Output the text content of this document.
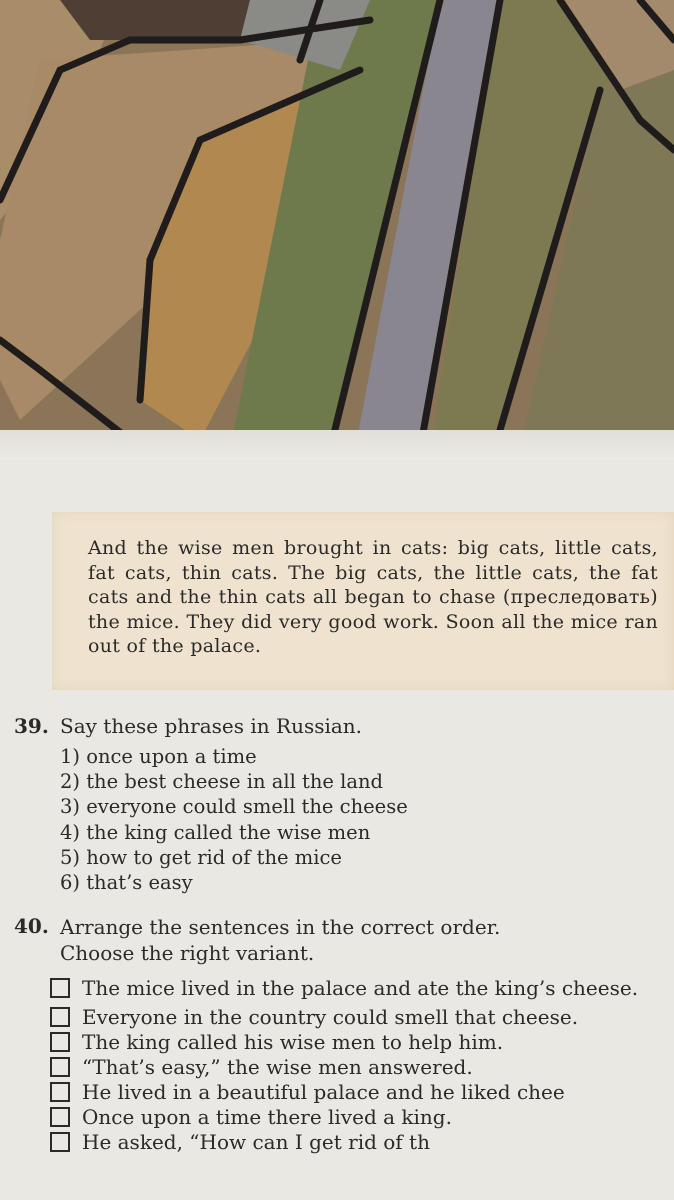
And the wise men brought in cats: big cats, little cats, fat cats, thin cats. The big cats, the little cats, the fat cats and the thin cats all began to chase (преследовать) the mice. They did very good work. Soon all the mice ran out of the palace.
39. Say these phrases in Russian.
1) once upon a time
2) the best cheese in all the land
3) everyone could smell the cheese
4) the king called the wise men
5) how to get rid of the mice
6) that’s easy
40. Arrange the sentences in the correct order.
Choose the right variant.
The mice lived in the palace and ate the king’s cheese.
Everyone in the country could smell that cheese.
The king called his wise men to help him.
“That’s easy,” the wise men answered.
He lived in a beautiful palace and he liked chee
Once upon a time there lived a king.
He asked, “How can I get rid of th
